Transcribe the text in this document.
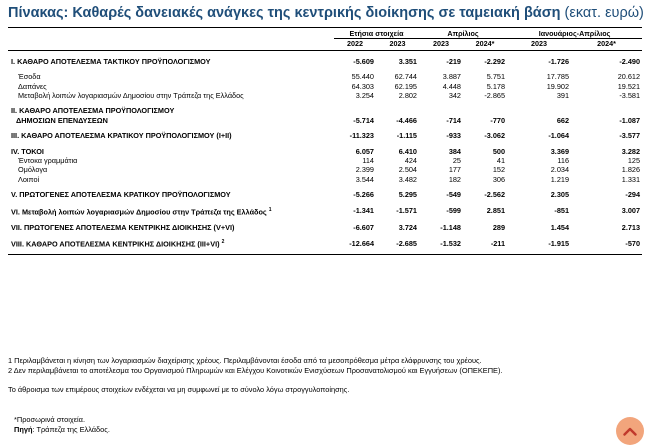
Πίνακας: Καθαρές δανειακές ανάγκες της κεντρικής διοίκησης σε ταμειακή βάση (εκατ. ευρώ)
	Ετήσια στοιχεία		Απρίλιος		Ιανουάριος-Απρίλιος	
	2022	2023	2023	2024*	2023	2024*

I. ΚΑΘΑΡΟ ΑΠΟΤΕΛΕΣΜΑ ΤΑΚΤΙΚΟΥ ΠΡΟΫΠΟΛΟΓΙΣΜΟΥ	-5.609	3.351	-219	-2.292	-1.726	-2.490

Έσοδα	55.440	62.744	3.887	5.751	17.785	20.612
Δαπάνες	64.303	62.195	4.448	5.178	19.902	19.521
Μεταβολή λοιπών λογαριασμών Δημοσίου στην Τράπεζα της Ελλάδος	3.254	2.802	342	-2.865	391	-3.581

II. ΚΑΘΑΡΟ ΑΠΟΤΕΛΕΣΜΑ ΠΡΟΫΠΟΛΟΓΙΣΜΟΥ						
ΔΗΜΟΣΙΩΝ ΕΠΕΝΔΥΣΕΩΝ	-5.714	-4.466	-714	-770	662	-1.087

III. ΚΑΘΑΡΟ ΑΠΟΤΕΛΕΣΜΑ ΚΡΑΤΙΚΟΥ ΠΡΟΫΠΟΛΟΓΙΣΜΟΥ (I+II)	-11.323	-1.115	-933	-3.062	-1.064	-3.577

IV. ΤΟΚΟΙ	6.057	6.410	384	500	3.369	3.282
Έντοκα γραμμάτια	114	424	25	41	116	125
Ομόλογα	2.399	2.504	177	152	2.034	1.826
Λοιποί	3.544	3.482	182	306	1.219	1.331

V. ΠΡΩΤΟΓΕΝΕΣ ΑΠΟΤΕΛΕΣΜΑ ΚΡΑΤΙΚΟΥ ΠΡΟΫΠΟΛΟΓΙΣΜΟΥ	-5.266	5.295	-549	-2.562	2.305	-294

VI. Μεταβολή λοιπών λογαριασμών Δημοσίου στην Τράπεζα της Ελλάδος $^1$	-1.341	-1.571	-599	2.851	-851	3.007

VII. ΠΡΩΤΟΓΕΝΕΣ ΑΠΟΤΕΛΕΣΜΑ ΚΕΝΤΡΙΚΗΣ ΔΙΟΙΚΗΣΗΣ (V+VI)	-6.607	3.724	-1.148	289	1.454	2.713

VIII. ΚΑΘΑΡΟ ΑΠΟΤΕΛΕΣΜΑ ΚΕΝΤΡΙΚΗΣ ΔΙΟΙΚΗΣΗΣ (III+VI) $^2$	-12.664	-2.685	-1.532	-211	-1.915	-570

1 Περιλαμβάνεται η κίνηση των λογαριασμών διαχείρισης χρέους. Περιλαμβάνονται έσοδα από τα μεσοπρόθεσμα μέτρα ελάφρυνσης του χρέους.

2 Δεν περιλαμβάνεται το αποτέλεσμα του Οργανισμού Πληρωμών και Ελέγχου Κοινοτικών Ενισχύσεων Προσανατολισμού και Εγγυήσεων (ΟΠΕΚΕΠΕ).

Το άθροισμα των επιμέρους στοιχείων ενδέχεται να μη συμφωνεί με το σύνολο λόγω στρογγυλοποίησης.

*Προσωρινά στοιχεία.

Πηγή: Τράπεζα της Ελλάδος.
